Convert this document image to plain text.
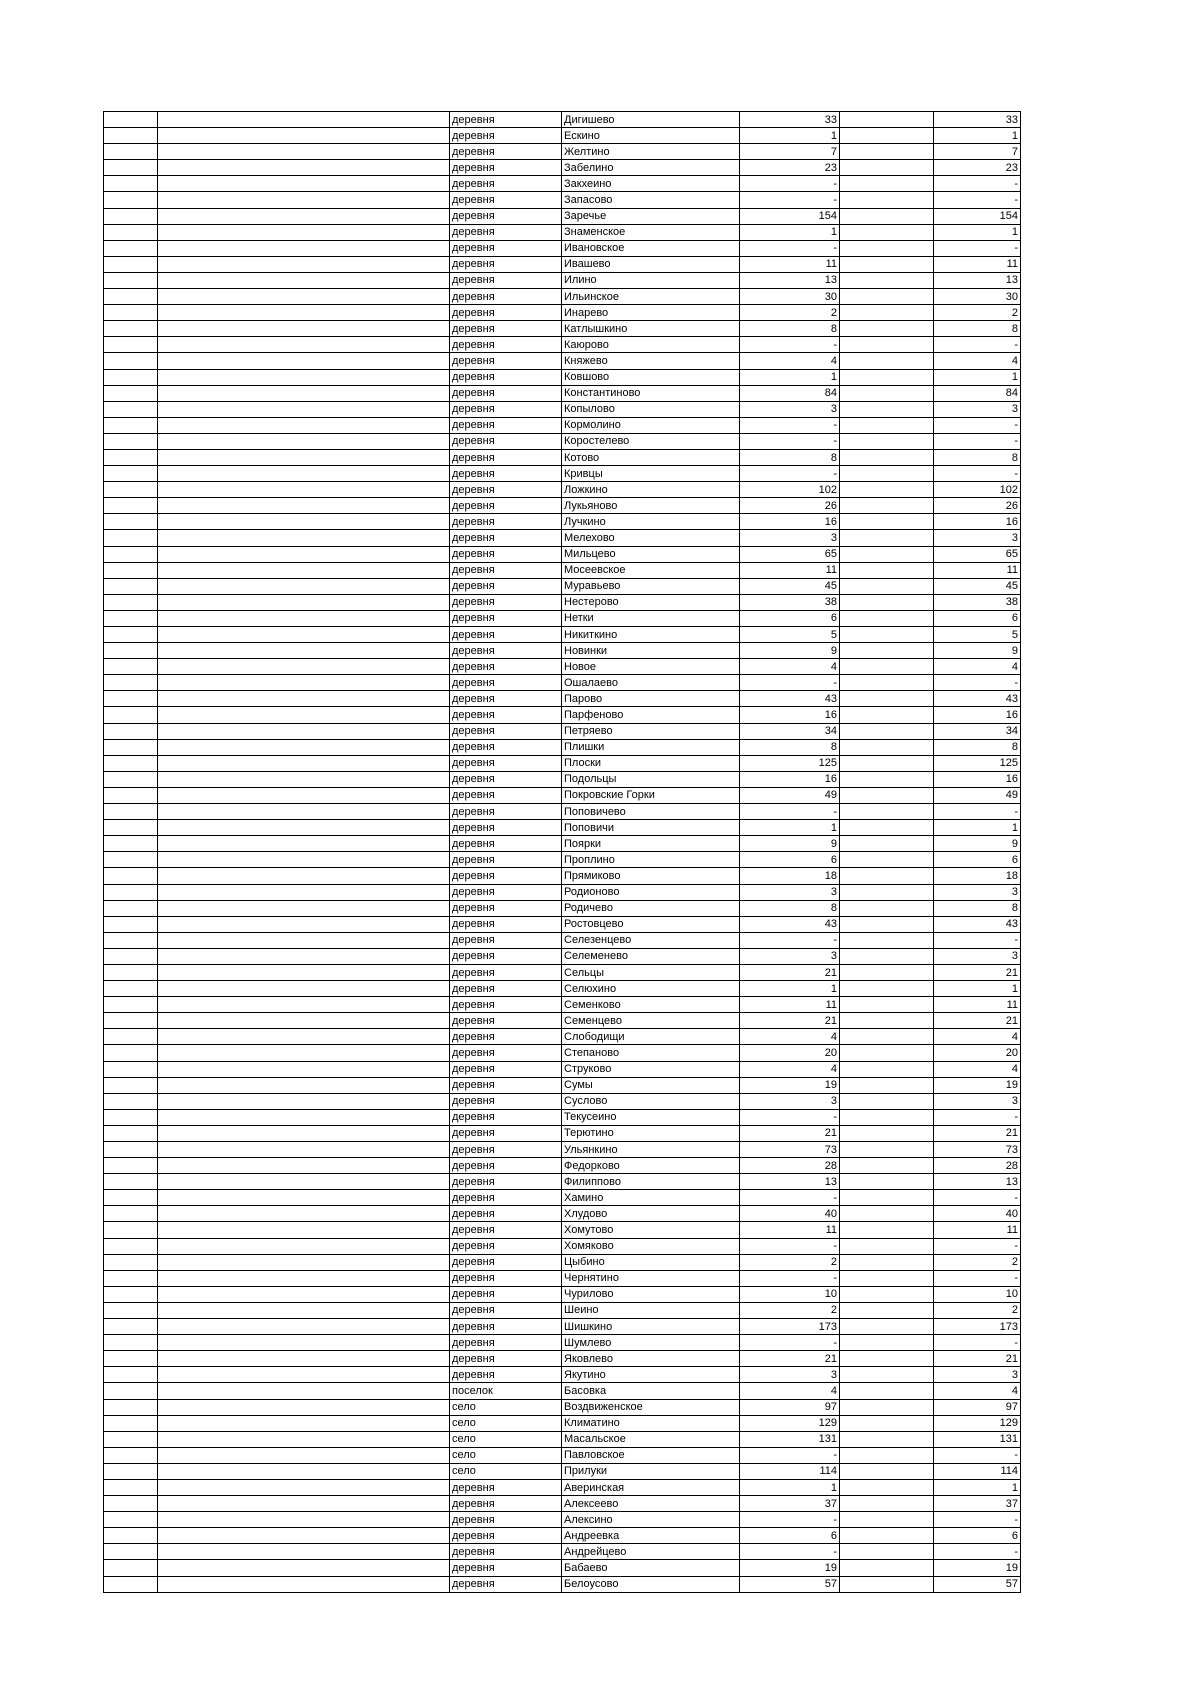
		деревня	Дигишево	33		33
		деревня	Ескино	1		1
		деревня	Желтино	7		7
		деревня	Забелино	23		23
		деревня	Закхеино	-		-
		деревня	Запасово	-		-
		деревня	Заречье	154		154
		деревня	Знаменское	1		1
		деревня	Ивановское	-		-
		деревня	Ивашево	11		11
		деревня	Илино	13		13
		деревня	Ильинское	30		30
		деревня	Инарево	2		2
		деревня	Катлышкино	8		8
		деревня	Каюрово	-		-
		деревня	Княжево	4		4
		деревня	Ковшово	1		1
		деревня	Константиново	84		84
		деревня	Копылово	3		3
		деревня	Кормолино	-		-
		деревня	Коростелево	-		-
		деревня	Котово	8		8
		деревня	Кривцы	-		-
		деревня	Ложкино	102		102
		деревня	Лукьяново	26		26
		деревня	Лучкино	16		16
		деревня	Мелехово	3		3
		деревня	Мильцево	65		65
		деревня	Мосеевское	11		11
		деревня	Муравьево	45		45
		деревня	Нестерово	38		38
		деревня	Нетки	6		6
		деревня	Никиткино	5		5
		деревня	Новинки	9		9
		деревня	Новое	4		4
		деревня	Ошалаево	-		-
		деревня	Парово	43		43
		деревня	Парфеново	16		16
		деревня	Петряево	34		34
		деревня	Плишки	8		8
		деревня	Плоски	125		125
		деревня	Подольцы	16		16
		деревня	Покровские Горки	49		49
		деревня	Поповичево	-		-
		деревня	Поповичи	1		1
		деревня	Поярки	9		9
		деревня	Проплино	6		6
		деревня	Прямиково	18		18
		деревня	Родионово	3		3
		деревня	Родичево	8		8
		деревня	Ростовцево	43		43
		деревня	Селезенцево	-		-
		деревня	Селеменево	3		3
		деревня	Сельцы	21		21
		деревня	Селюхино	1		1
		деревня	Семенково	11		11
		деревня	Семенцево	21		21
		деревня	Слободищи	4		4
		деревня	Степаново	20		20
		деревня	Струково	4		4
		деревня	Сумы	19		19
		деревня	Суслово	3		3
		деревня	Текусеино	-		-
		деревня	Терютино	21		21
		деревня	Ульянкино	73		73
		деревня	Федорково	28		28
		деревня	Филиппово	13		13
		деревня	Хамино	-		-
		деревня	Хлудово	40		40
		деревня	Хомутово	11		11
		деревня	Хомяково	-		-
		деревня	Цыбино	2		2
		деревня	Чернятино	-		-
		деревня	Чурилово	10		10
		деревня	Шеино	2		2
		деревня	Шишкино	173		173
		деревня	Шумлево	-		-
		деревня	Яковлево	21		21
		деревня	Якутино	3		3
		поселок	Басовка	4		4
		село	Воздвиженское	97		97
		село	Климатино	129		129
		село	Масальское	131		131
		село	Павловское	-		-
		село	Прилуки	114		114
		деревня	Аверинская	1		1
		деревня	Алексеево	37		37
		деревня	Алексино	-		-
		деревня	Андреевка	6		6
		деревня	Андрейцево	-		-
		деревня	Бабаево	19		19
		деревня	Белоусово	57		57
